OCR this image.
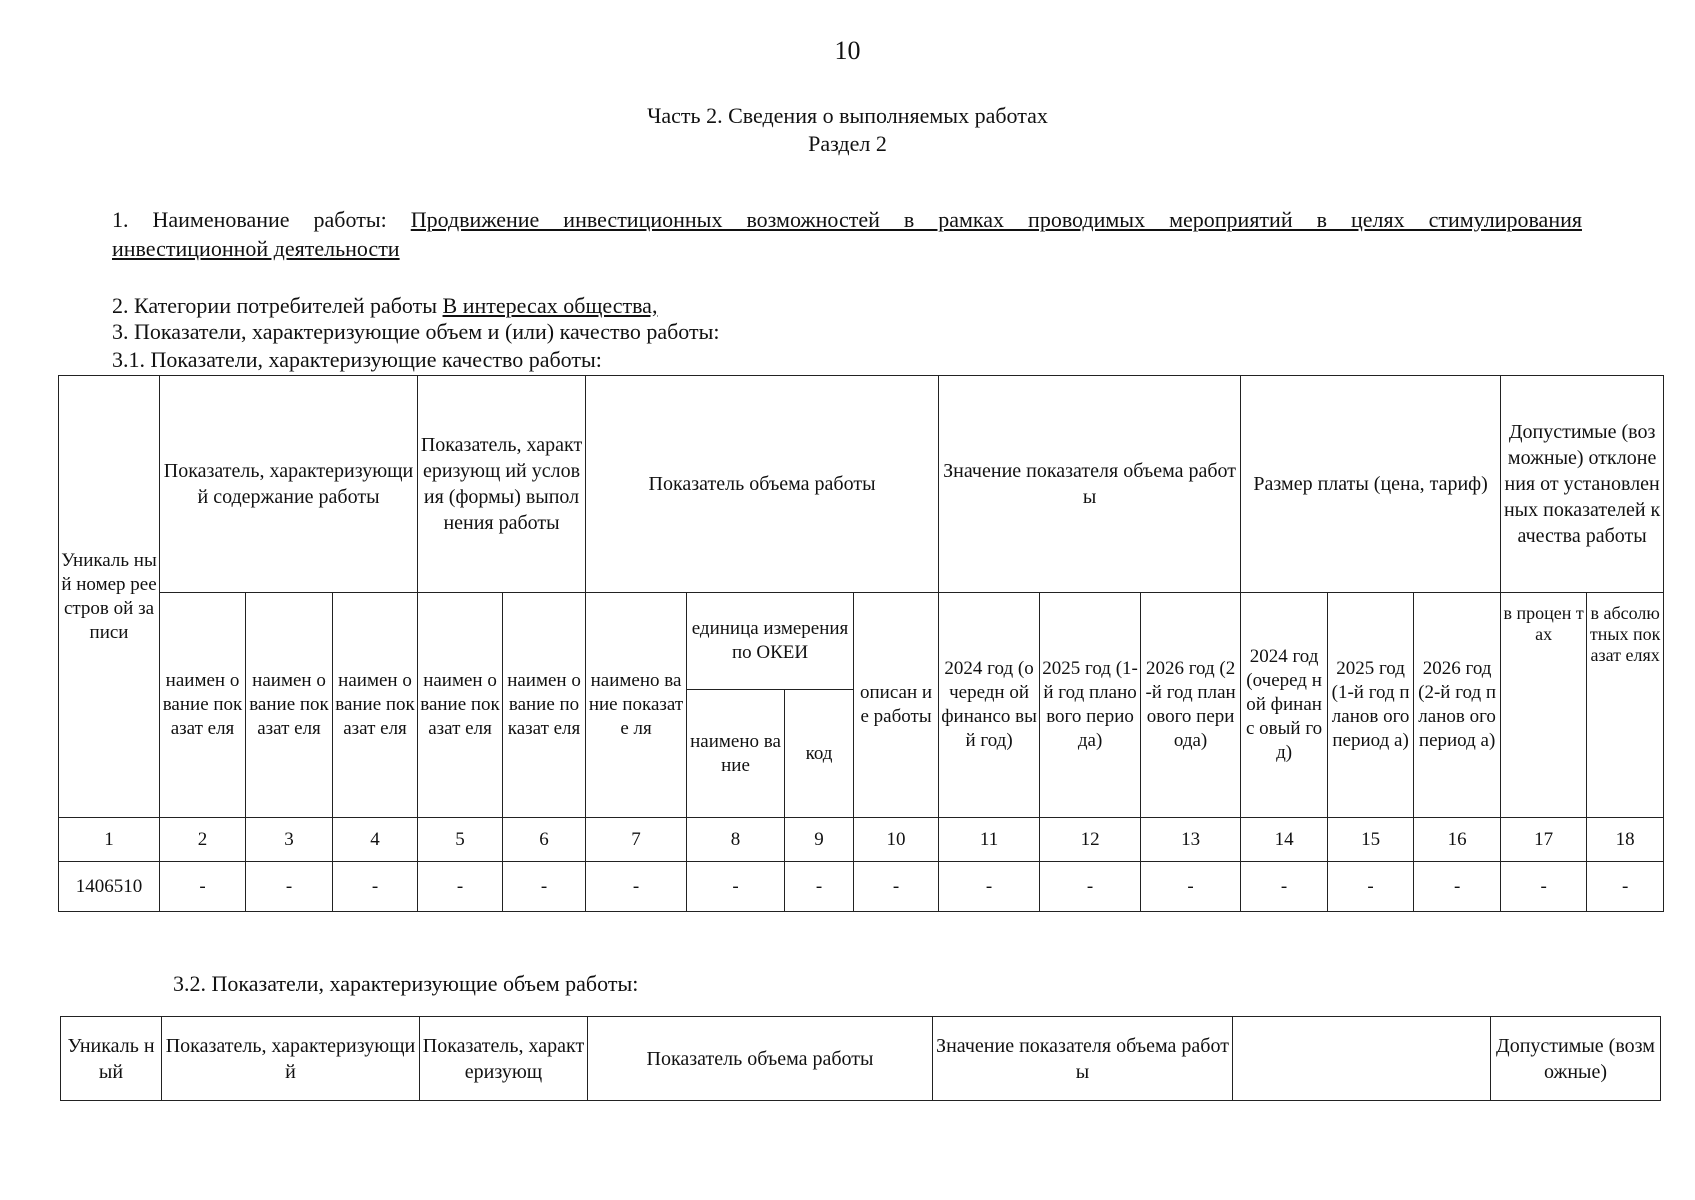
10
Часть 2. Сведения о выполняемых работах
Раздел 2
1. Наименование работы: Продвижение инвестиционных возможностей в рамках проводимых мероприятий в целях стимулирования
инвестиционной деятельности
2. Категории потребителей работы В интересах общества,
3. Показатели, характеризующие объем и (или) качество работы:
3.1. Показатели, характеризующие качество работы:
Уникаль ный номер реестров ой записи	Показатель, характеризующий содержание работы			Показатель, характеризующ ий условия (формы) выполнения работы		Показатель объема работы				Значение показателя объема работы			Размер платы (цена, тариф)			Допустимые (возможные) отклонения от установленных показателей качества работы	
	наимен ование показат еля	наимен ование показат еля	наимен ование показат еля	наимен ование показат еля	наимен ование показат еля	наимено вание показате ля	единица измерения по ОКЕИ		описан ие работы	2024 год (очередн ой финансо вый год)	2025 год (1-й год планового периода)	2026 год (2-й год планового периода)	2024 год (очеред ной финанс овый год)	2025 год (1-й год планов ого период а)	2026 год (2-й год планов ого период а)	в процен тах	в абсолю тных показат елях
							наимено вание	код									
1	2	3	4	5	6	7	8	9	10	11	12	13	14	15	16	17	18
1406510	-	-	-	-	-	-	-	-	-	-	-	-	-	-	-	-	-
3.2. Показатели, характеризующие объем работы:
Уникаль ный	Показатель, характеризующий	Показатель, характеризующ	Показатель объема работы	Значение показателя объема работы		Допустимые (возможные)
